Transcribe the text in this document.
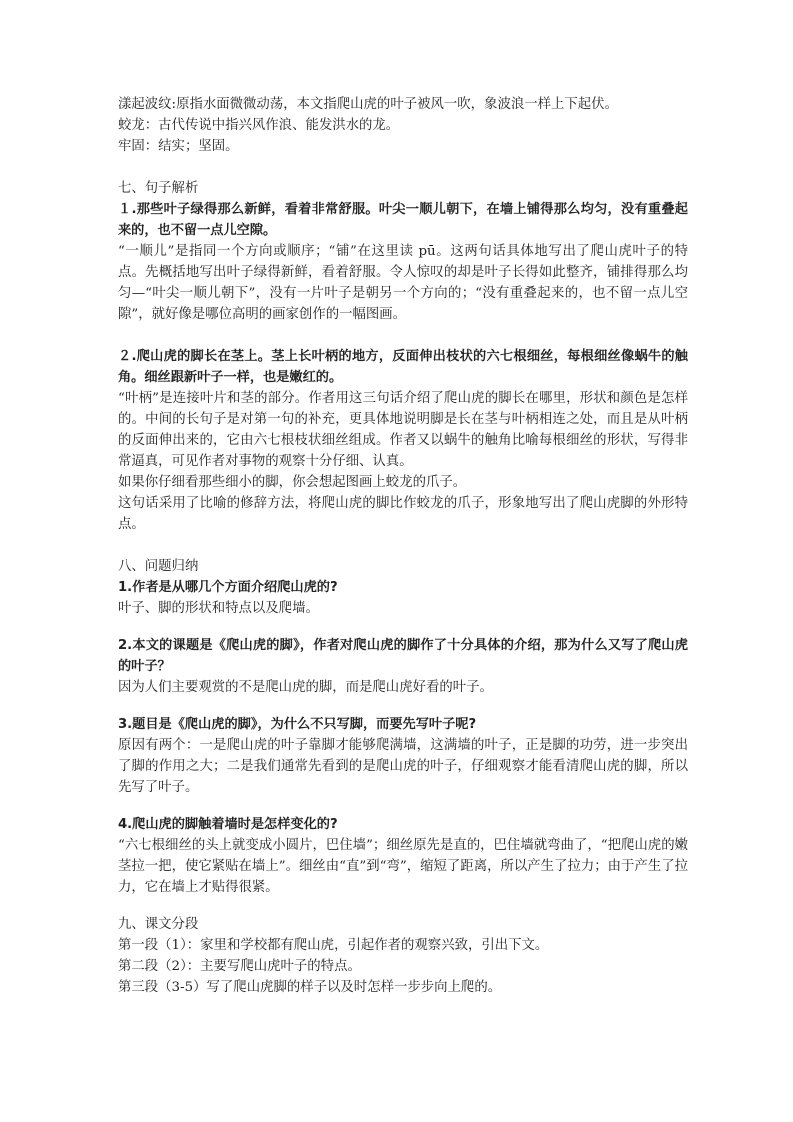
漾起波纹:原指水面微微动荡，本文指爬山虎的叶子被风一吹，象波浪一样上下起伏。

蛟龙：古代传说中指兴风作浪、能发洪水的龙。

牢固：结实；坚固。

七、句子解析

１.那些叶子绿得那么新鲜，看着非常舒服。叶尖一顺儿朝下，在墙上铺得那么均匀，没有重叠起来的，也不留一点儿空隙。

“一顺儿”是指同一个方向或顺序；“铺”在这里读 pū。这两句话具体地写出了爬山虎叶子的特点。先概括地写出叶子绿得新鲜，看着舒服。令人惊叹的却是叶子长得如此整齐，铺排得那么均匀—“叶尖一顺儿朝下”，没有一片叶子是朝另一个方向的；“没有重叠起来的，也不留一点儿空隙”，就好像是哪位高明的画家创作的一幅图画。

２.爬山虎的脚长在茎上。茎上长叶柄的地方，反面伸出枝状的六七根细丝，每根细丝像蜗牛的触角。细丝跟新叶子一样，也是嫩红的。

“叶柄”是连接叶片和茎的部分。作者用这三句话介绍了爬山虎的脚长在哪里，形状和颜色是怎样的。中间的长句子是对第一句的补充，更具体地说明脚是长在茎与叶柄相连之处，而且是从叶柄的反面伸出来的，它由六七根枝状细丝组成。作者又以蜗牛的触角比喻每根细丝的形状，写得非常逼真，可见作者对事物的观察十分仔细、认真。

如果你仔细看那些细小的脚，你会想起图画上蛟龙的爪子。

这句话采用了比喻的修辞方法，将爬山虎的脚比作蛟龙的爪子，形象地写出了爬山虎脚的外形特点。

八、问题归纳

1.作者是从哪几个方面介绍爬山虎的?

叶子、脚的形状和特点以及爬墙。

2.本文的课题是《爬山虎的脚》，作者对爬山虎的脚作了十分具体的介绍，那为什么又写了爬山虎的叶子？

因为人们主要观赏的不是爬山虎的脚，而是爬山虎好看的叶子。

3.题目是《爬山虎的脚》，为什么不只写脚，而要先写叶子呢?

原因有两个：一是爬山虎的叶子靠脚才能够爬满墙，这满墙的叶子，正是脚的功劳，进一步突出了脚的作用之大；二是我们通常先看到的是爬山虎的叶子，仔细观察才能看清爬山虎的脚，所以先写了叶子。

4.爬山虎的脚触着墙时是怎样变化的?

“六七根细丝的头上就变成小圆片，巴住墙”；细丝原先是直的，巴住墙就弯曲了，“把爬山虎的嫩茎拉一把，使它紧贴在墙上”。细丝由“直”到“弯”，缩短了距离，所以产生了拉力；由于产生了拉力，它在墙上才贴得很紧。

九、课文分段

第一段（1）：家里和学校都有爬山虎，引起作者的观察兴致，引出下文。

第二段（2）：主要写爬山虎叶子的特点。

第三段（3-5）写了爬山虎脚的样子以及时怎样一步步向上爬的。
